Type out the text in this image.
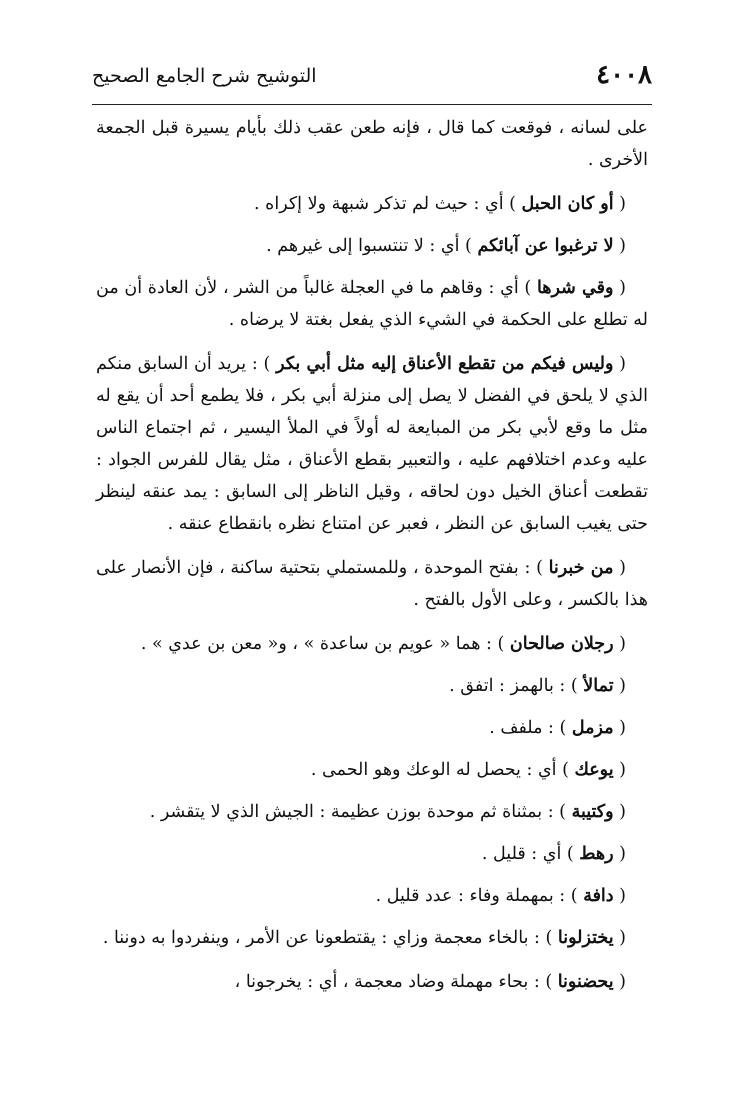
٤٠٠٨
التوشيح شرح الجامع الصحيح

على لسانه ، فوقعت كما قال ، فإنه طعن عقب ذلك بأيام يسيرة قبل الجمعة الأخرى .

( أو كان الحبل ) أي : حيث لم تذكر شبهة ولا إكراه .

( لا ترغبوا عن آبائكم ) أي : لا تنتسبوا إلى غيرهم .

( وقي شرها ) أي : وقاهم ما في العجلة غالباً من الشر ، لأن العادة أن من له تطلع على الحكمة في الشيء الذي يفعل بغتة لا يرضاه .

( وليس فيكم من تقطع الأعناق إليه مثل أبي بكر ) : يريد أن السابق منكم الذي لا يلحق في الفضل لا يصل إلى منزلة أبي بكر ، فلا يطمع أحد أن يقع له مثل ما وقع لأبي بكر من المبايعة له أولاً في الملأ اليسير ، ثم اجتماع الناس عليه وعدم اختلافهم عليه ، والتعبير بقطع الأعناق ، مثل يقال للفرس الجواد : تقطعت أعناق الخيل دون لحاقه ، وقيل الناظر إلى السابق : يمد عنقه لينظر حتى يغيب السابق عن النظر ، فعبر عن امتناع نظره بانقطاع عنقه .

( من خبرنا ) : بفتح الموحدة ، وللمستملي بتحتية ساكنة ، فإن الأنصار على هذا بالكسر ، وعلى الأول بالفتح .

( رجلان صالحان ) : هما « عويم بن ساعدة » ، و« معن بن عدي » .

( تمالأ ) : بالهمز : اتفق .

( مزمل ) : ملفف .

( يوعك ) أي : يحصل له الوعك وهو الحمى .

( وكتيبة ) : بمثناة ثم موحدة بوزن عظيمة : الجيش الذي لا يتقشر .

( رهط ) أي : قليل .

( دافة ) : بمهملة وفاء : عدد قليل .

( يختزلونا ) : بالخاء معجمة وزاي : يقتطعونا عن الأمر ، وينفردوا به دوننا .

( يحضنونا ) : بحاء مهملة وضاد معجمة ، أي : يخرجونا ،
